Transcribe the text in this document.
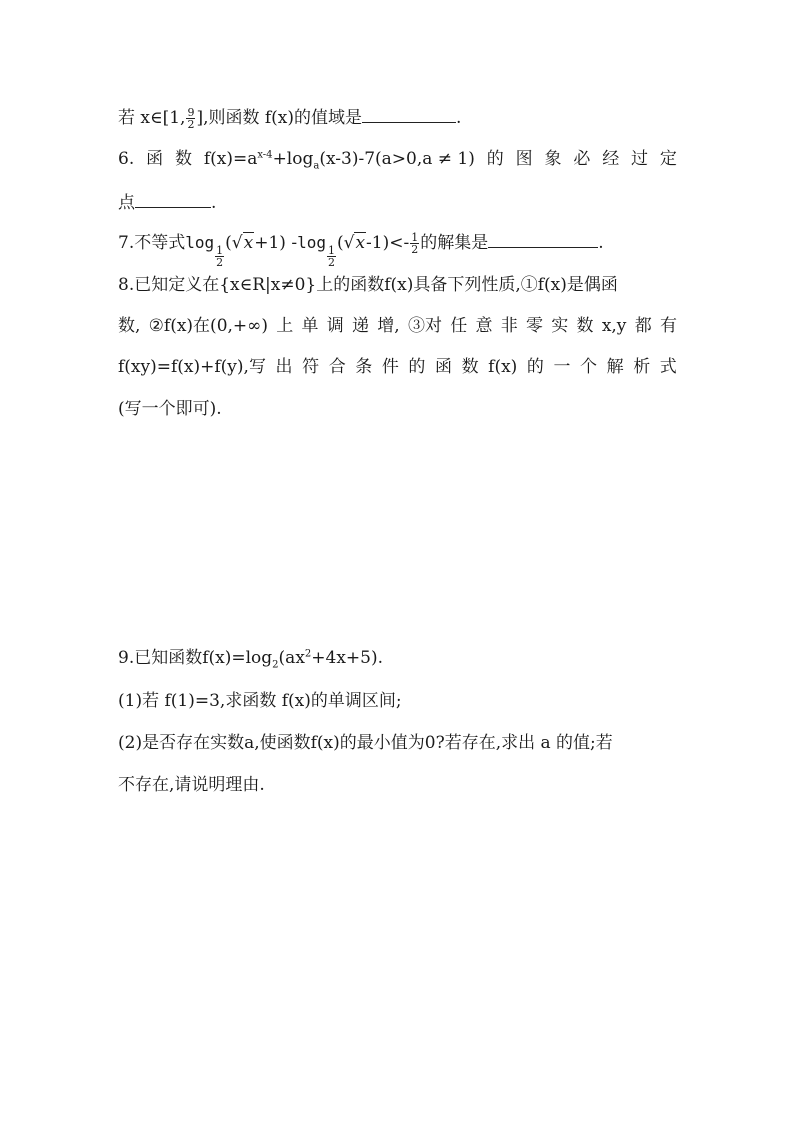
若 x∈[1, $\frac{9}{2}$ ],则函数 f(x)的值域是	.
6. 函 数 $f(x)=a^{x-4}+\log_a(x-3)-7(a>0,a \ne 1)$ 的 图 象 必 经 过 定
点	.
7.不等式log
$\frac{1}{2}$
(√x+1) -log
$\frac{1}{2}$
$(√x-1)<- \frac{1}{2}$ 的解集是	.
8.已知定义在{x∈R|x≠0}上的函数f(x)具备下列性质,①f(x)是偶函
数, ②f(x)在(0,+∞) 上 单 调 递 增, ③对 任 意 非 零 实 数 x,y 都 有
f(xy)=f(x)+f(y),写 出 符 合 条 件 的 函 数 f(x) 的 一 个 解 析 式
(写一个即可).
9.已知函数$f(x)=\log_2(ax^2+4x+5)$.
(1)若 f(1)=3,求函数 f(x)的单调区间;
(2)是否存在实数a,使函数f(x)的最小值为0?若存在,求出 a 的值;若
不存在,请说明理由.
